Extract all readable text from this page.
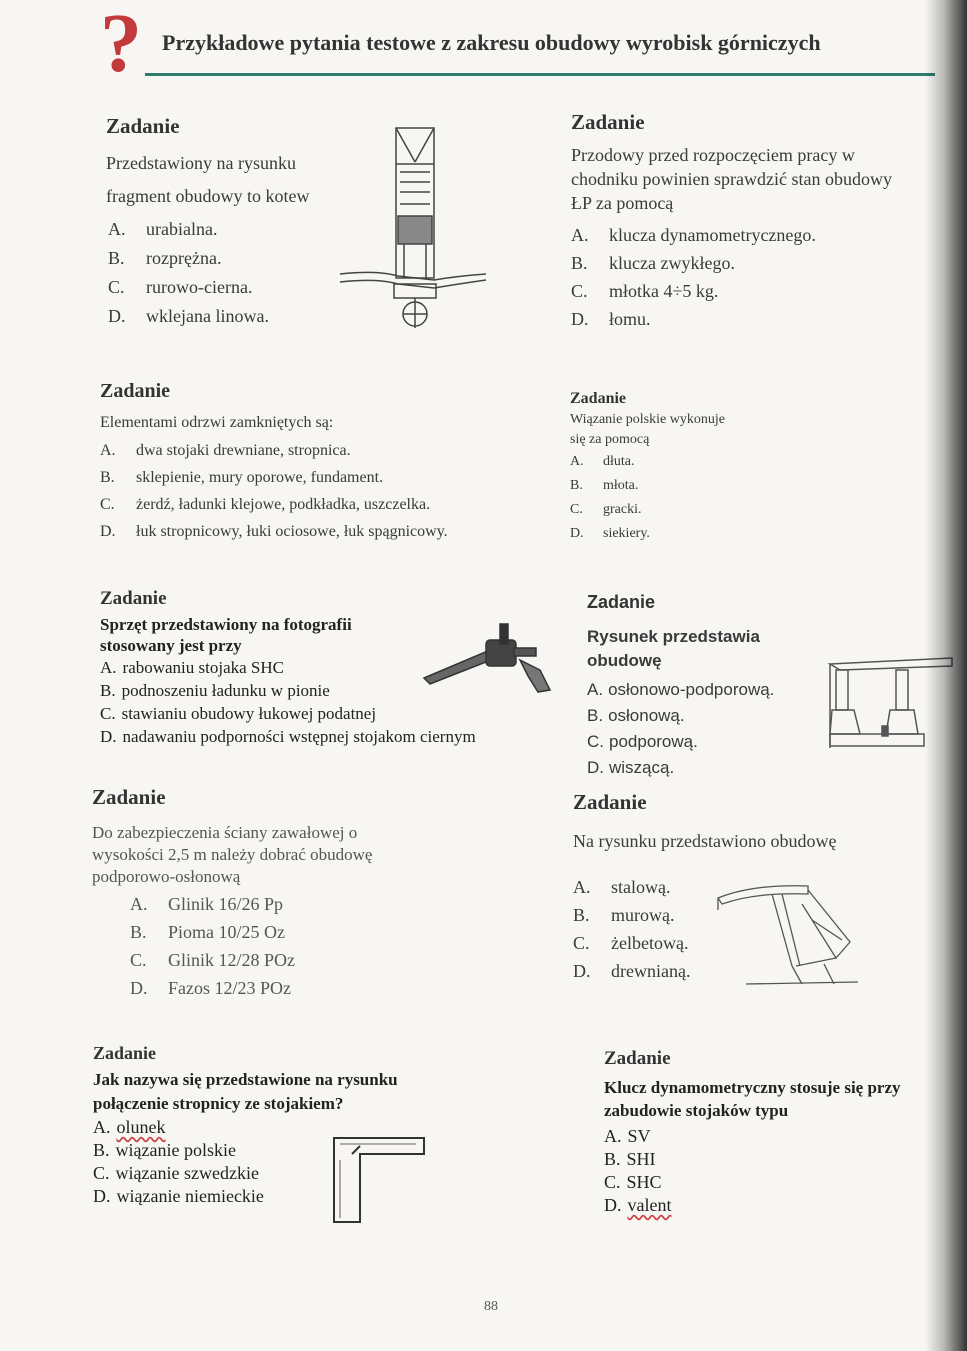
? Przykładowe pytania testowe z zakresu obudowy wyrobisk górniczych
Zadanie
Przedstawiony na rysunku
fragment obudowy to kotew
A.	urabialna.
B.	rozprężna.
C.	rurowo-cierna.
D.	wklejana linowa.
Zadanie
Przodowy przed rozpoczęciem pracy w chodniku powinien sprawdzić stan obudowy ŁP za pomocą
A.	klucza dynamometrycznego.
B.	klucza zwykłego.
C.	młotka 4÷5 kg.
D.	łomu.
Zadanie
Elementami odrzwi zamkniętych są:
A.	dwa stojaki drewniane, stropnica.
B.	sklepienie, mury oporowe, fundament.
C.	żerdź, ładunki klejowe, podkładka, uszczelka.
D.	łuk stropnicowy, łuki ociosowe, łuk spągnicowy.
Zadanie
Wiązanie polskie wykonuje
się za pomocą
A.	dłuta.
B.	młota.
C.	gracki.
D.	siekiery.
Zadanie
Sprzęt przedstawiony na fotografii
stosowany jest przy
A. rabowaniu stojaka SHC
B. podnoszeniu ładunku w pionie
C. stawianiu obudowy łukowej podatnej
D. nadawaniu podporności wstępnej stojakom ciernym
Zadanie
Rysunek przedstawia obudowę
A. osłonowo-podporową.
B. osłonową.
C. podporową.
D. wiszącą.
Zadanie
Do zabezpieczenia ściany zawałowej o
wysokości 2,5 m należy dobrać obudowę
podporowo-osłonową
A.	Glinik 16/26 Pp
B.	Pioma 10/25 Oz
C.	Glinik 12/28 POz
D.	Fazos 12/23 POz
Zadanie
Na rysunku przedstawiono obudowę
A.	stalową.
B.	murową.
C.	żelbetową.
D.	drewnianą.
Zadanie
Jak nazywa się przedstawione na rysunku
połączenie stropnicy ze stojakiem?
A. olunek
B. wiązanie polskie
C. wiązanie szwedzkie
D. wiązanie niemieckie
Zadanie
Klucz dynamometryczny stosuje się przy
zabudowie stojaków typu
A. SV
B. SHI
C. SHC
D. valent
88
